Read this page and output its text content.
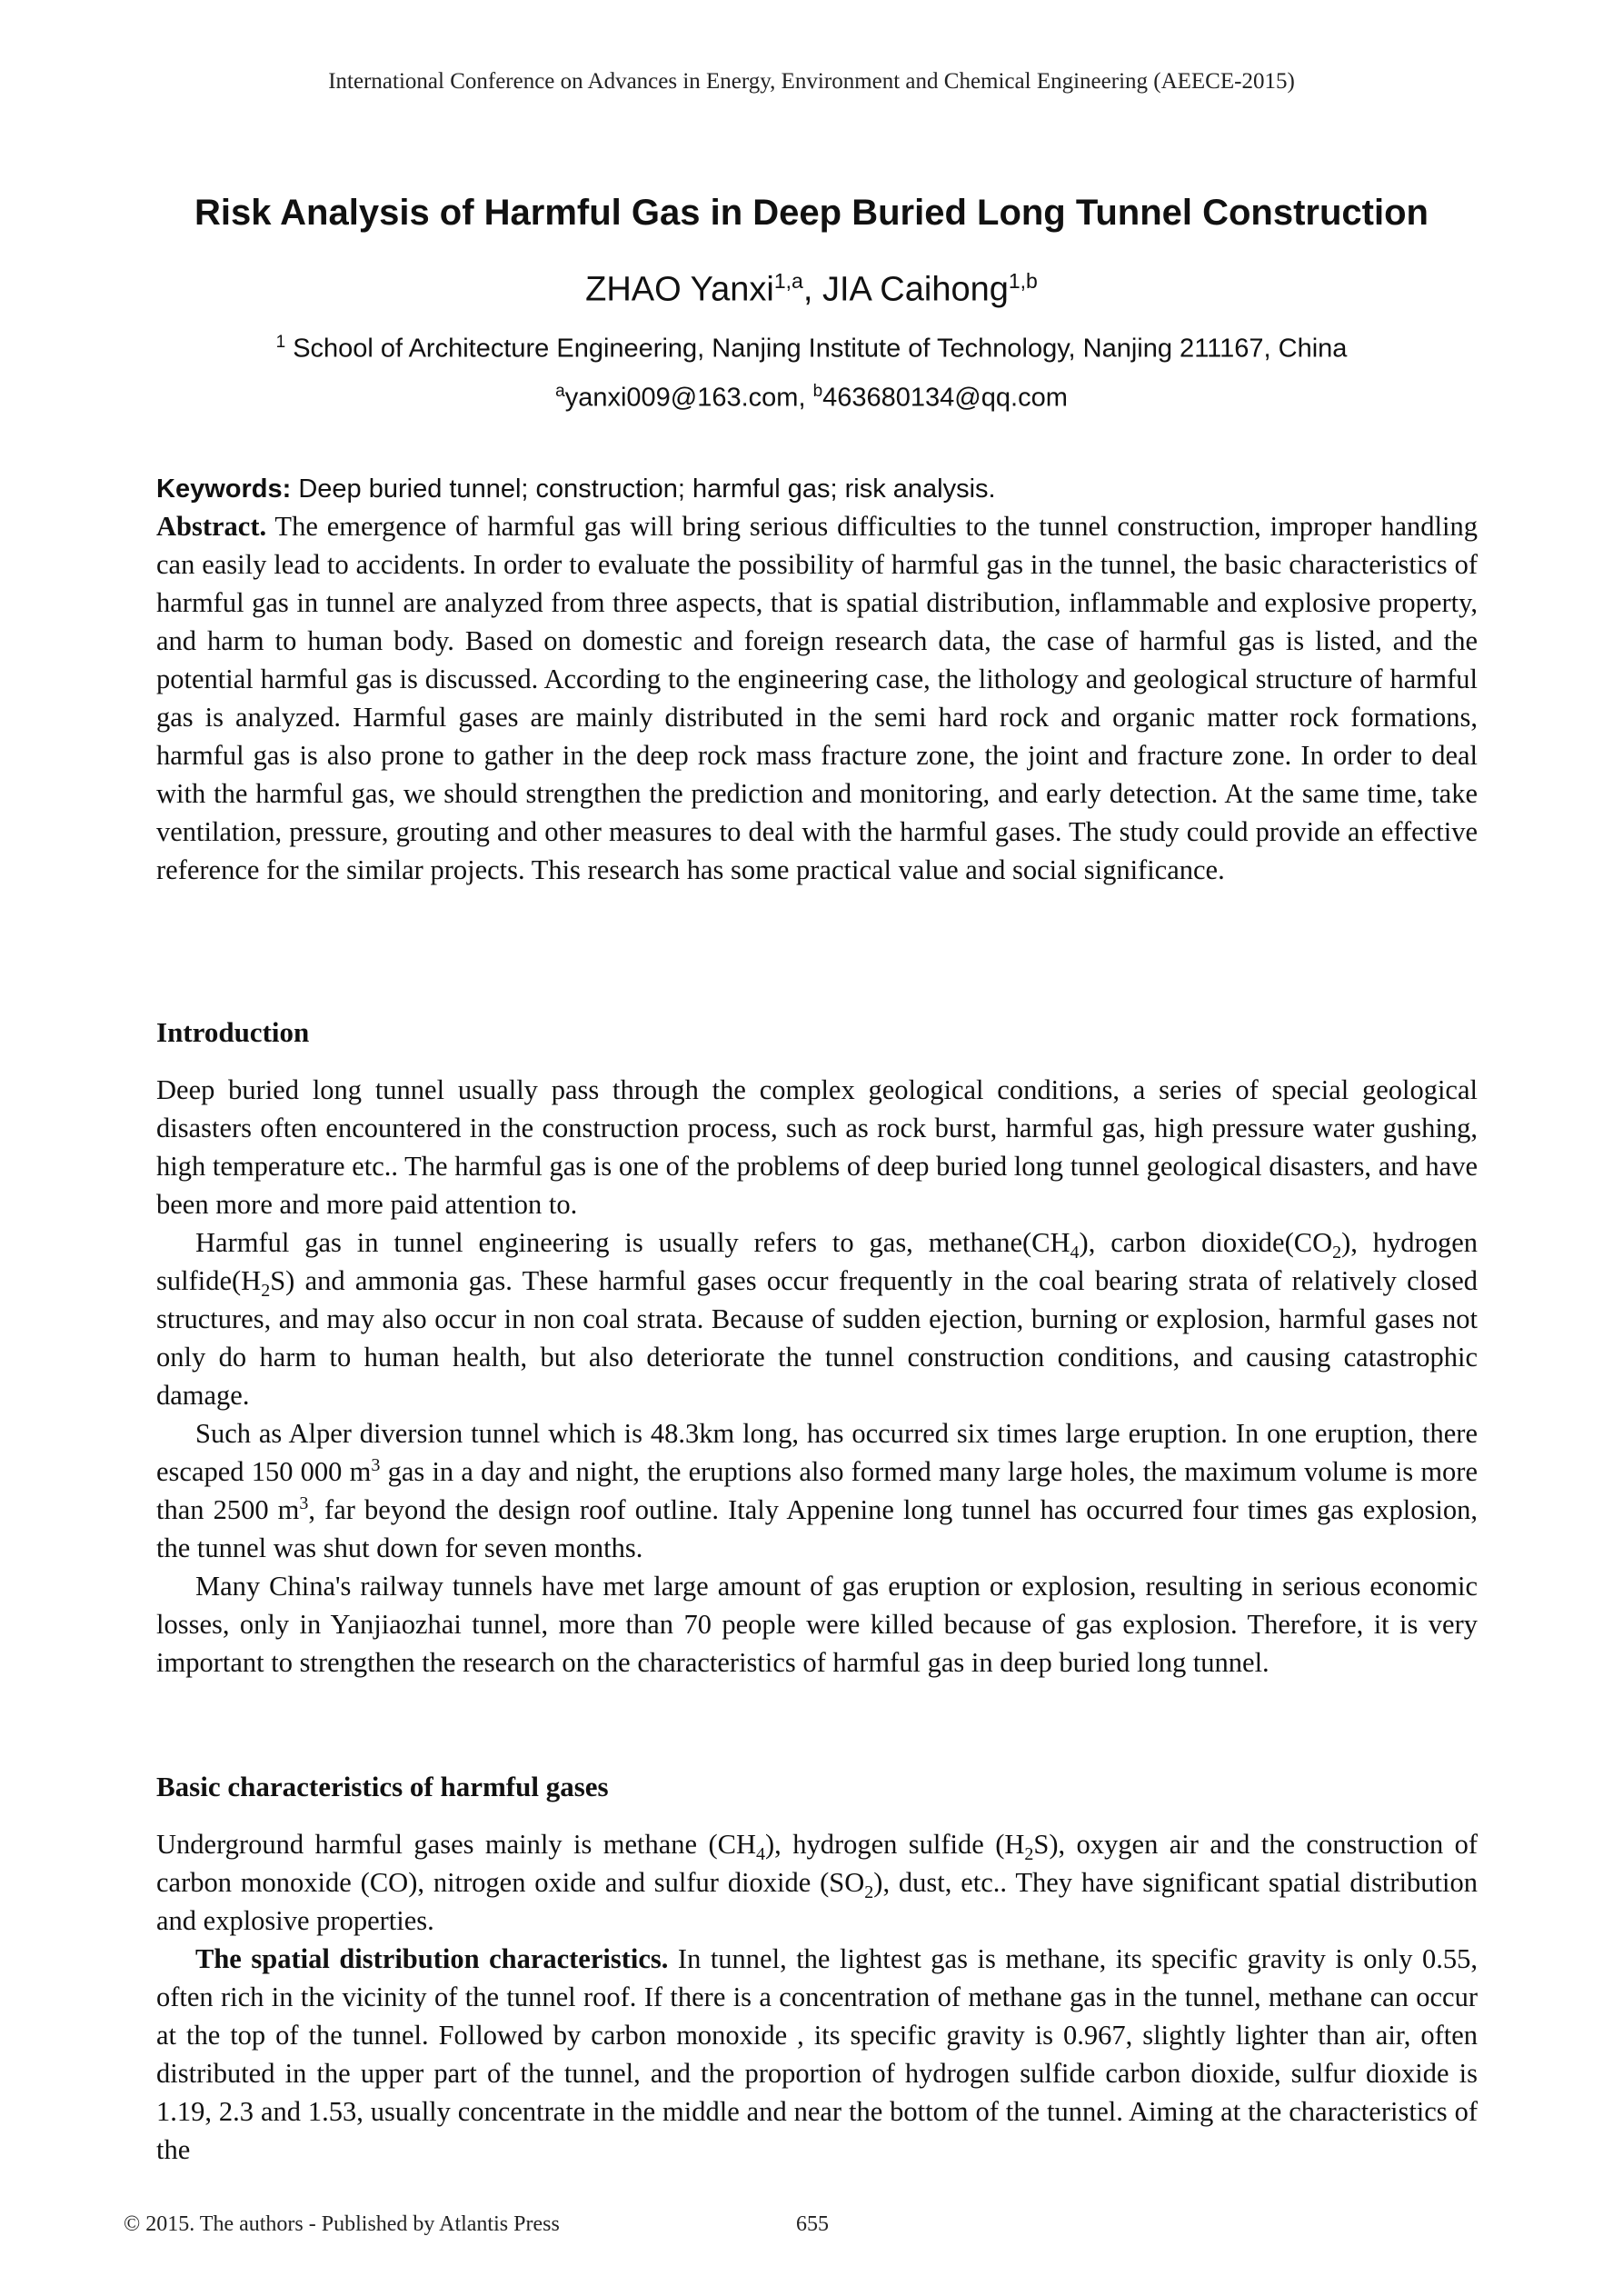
International Conference on Advances in Energy, Environment and Chemical Engineering (AEECE-2015)
Risk Analysis of Harmful Gas in Deep Buried Long Tunnel Construction
ZHAO Yanxi$^{1,a}$, JIA Caihong$^{1,b}$
$^1$ School of Architecture Engineering, Nanjing Institute of Technology, Nanjing 211167, China
$^a$yanxi009@163.com, $^b$463680134@qq.com
Keywords: Deep buried tunnel; construction; harmful gas; risk analysis.
Abstract. The emergence of harmful gas will bring serious difficulties to the tunnel construction, improper handling can easily lead to accidents. In order to evaluate the possibility of harmful gas in the tunnel, the basic characteristics of harmful gas in tunnel are analyzed from three aspects, that is spatial distribution, inflammable and explosive property, and harm to human body. Based on domestic and foreign research data, the case of harmful gas is listed, and the potential harmful gas is discussed. According to the engineering case, the lithology and geological structure of harmful gas is analyzed. Harmful gases are mainly distributed in the semi hard rock and organic matter rock formations, harmful gas is also prone to gather in the deep rock mass fracture zone, the joint and fracture zone. In order to deal with the harmful gas, we should strengthen the prediction and monitoring, and early detection. At the same time, take ventilation, pressure, grouting and other measures to deal with the harmful gases. The study could provide an effective reference for the similar projects. This research has some practical value and social significance.
Introduction

Deep buried long tunnel usually pass through the complex geological conditions, a series of special geological disasters often encountered in the construction process, such as rock burst, harmful gas, high pressure water gushing, high temperature etc.. The harmful gas is one of the problems of deep buried long tunnel geological disasters, and have been more and more paid attention to.

Harmful gas in tunnel engineering is usually refers to gas, $methane(CH_4)$, carbon $dioxide(CO_2)$, hydrogen $sulfide(H_2S)$ and ammonia gas. These harmful gases occur frequently in the coal bearing strata of relatively closed structures, and may also occur in non coal strata. Because of sudden ejection, burning or explosion, harmful gases not only do harm to human health, but also deteriorate the tunnel construction conditions, and causing catastrophic damage.

Such as Alper diversion tunnel which is 48.3km long, has occurred six times large eruption. In one eruption, there escaped 150 000 $m^3$ gas in a day and night, the eruptions also formed many large holes, the maximum volume is more than 2500 $m^3$, far beyond the design roof outline. Italy Appenine long tunnel has occurred four times gas explosion, the tunnel was shut down for seven months.

Many China's railway tunnels have met large amount of gas eruption or explosion, resulting in serious economic losses, only in Yanjiaozhai tunnel, more than 70 people were killed because of gas explosion. Therefore, it is very important to strengthen the research on the characteristics of harmful gas in deep buried long tunnel.

Basic characteristics of harmful gases

Underground harmful gases mainly is methane $(CH_4)$, hydrogen sulfide $(H_2S)$, oxygen air and the construction of carbon monoxide (CO), nitrogen oxide and sulfur dioxide $(SO_2)$, dust, etc.. They have significant spatial distribution and explosive properties.

The spatial distribution characteristics. In tunnel, the lightest gas is methane, its specific gravity is only 0.55, often rich in the vicinity of the tunnel roof. If there is a concentration of methane gas in the tunnel, methane can occur at the top of the tunnel. Followed by carbon monoxide , its specific gravity is 0.967, slightly lighter than air, often distributed in the upper part of the tunnel, and the proportion of hydrogen sulfide carbon dioxide, sulfur dioxide is 1.19, 2.3 and 1.53, usually concentrate in the middle and near the bottom of the tunnel. Aiming at the characteristics of the

© 2015. The authors - Published by Atlantis Press	655
